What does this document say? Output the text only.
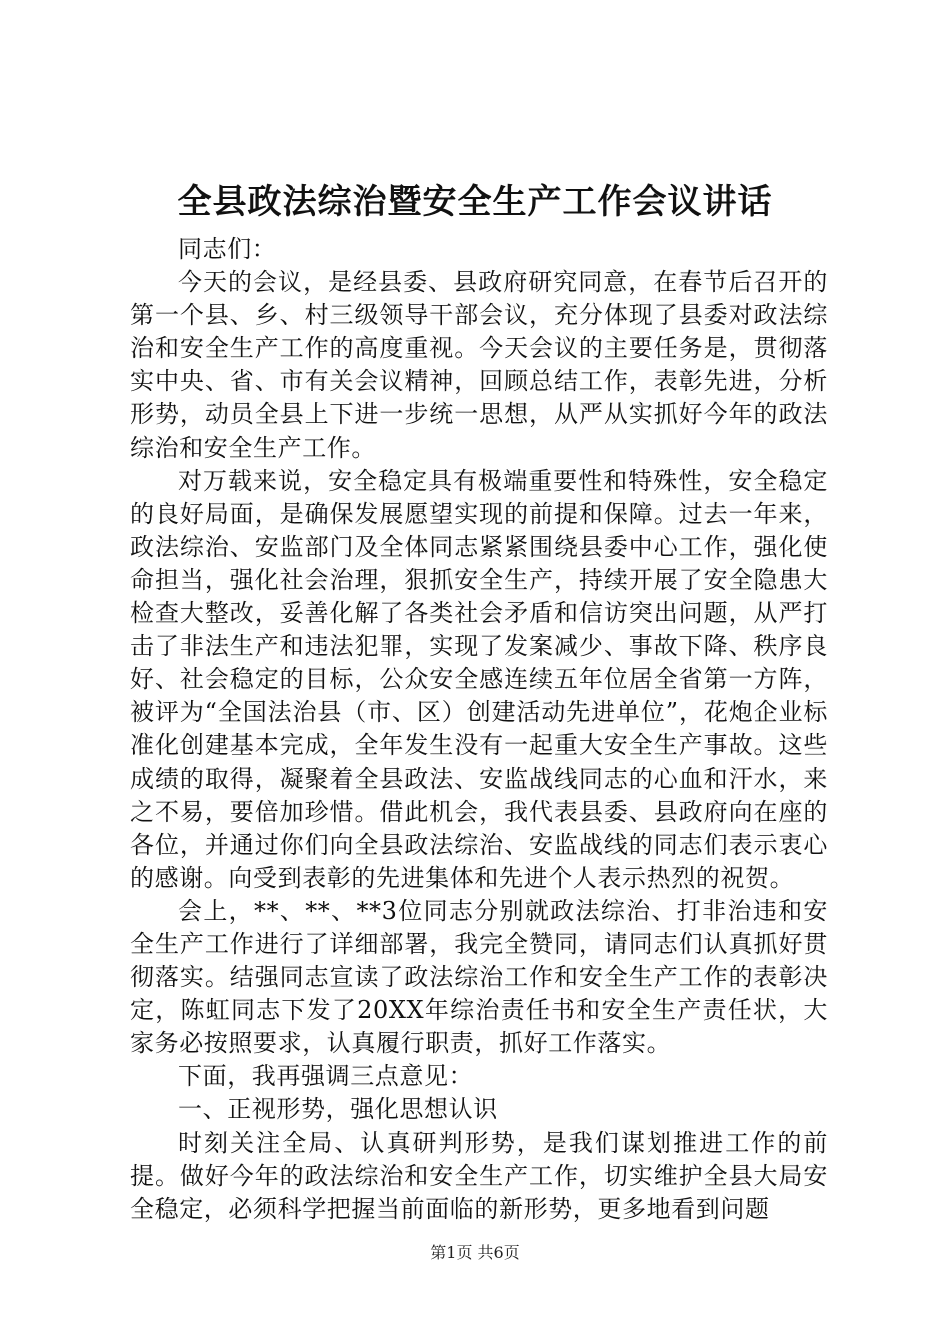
全县政法综治暨安全生产工作会议讲话

同志们：

今天的会议，是经县委、县政府研究同意，在春节后召开的第一个县、乡、村三级领导干部会议，充分体现了县委对政法综治和安全生产工作的高度重视。今天会议的主要任务是，贯彻落实中央、省、市有关会议精神，回顾总结工作，表彰先进，分析形势，动员全县上下进一步统一思想，从严从实抓好今年的政法综治和安全生产工作。

对万载来说，安全稳定具有极端重要性和特殊性，安全稳定的良好局面，是确保发展愿望实现的前提和保障。过去一年来，政法综治、安监部门及全体同志紧紧围绕县委中心工作，强化使命担当，强化社会治理，狠抓安全生产，持续开展了安全隐患大检查大整改，妥善化解了各类社会矛盾和信访突出问题，从严打击了非法生产和违法犯罪，实现了发案减少、事故下降、秩序良好、社会稳定的目标，公众安全感连续五年位居全省第一方阵，被评为“全国法治县（市、区）创建活动先进单位”，花炮企业标准化创建基本完成，全年发生没有一起重大安全生产事故。这些成绩的取得，凝聚着全县政法、安监战线同志的心血和汗水，来之不易，要倍加珍惜。借此机会，我代表县委、县政府向在座的各位，并通过你们向全县政法综治、安监战线的同志们表示衷心的感谢。向受到表彰的先进集体和先进个人表示热烈的祝贺。

会上，**、**、**3位同志分别就政法综治、打非治违和安全生产工作进行了详细部署，我完全赞同，请同志们认真抓好贯彻落实。结强同志宣读了政法综治工作和安全生产工作的表彰决定，陈虹同志下发了20XX年综治责任书和安全生产责任状，大家务必按照要求，认真履行职责，抓好工作落实。

下面，我再强调三点意见：

一、正视形势，强化思想认识

时刻关注全局、认真研判形势，是我们谋划推进工作的前提。做好今年的政法综治和安全生产工作，切实维护全县大局安全稳定，必须科学把握当前面临的新形势，更多地看到问题

第1页 共6页
